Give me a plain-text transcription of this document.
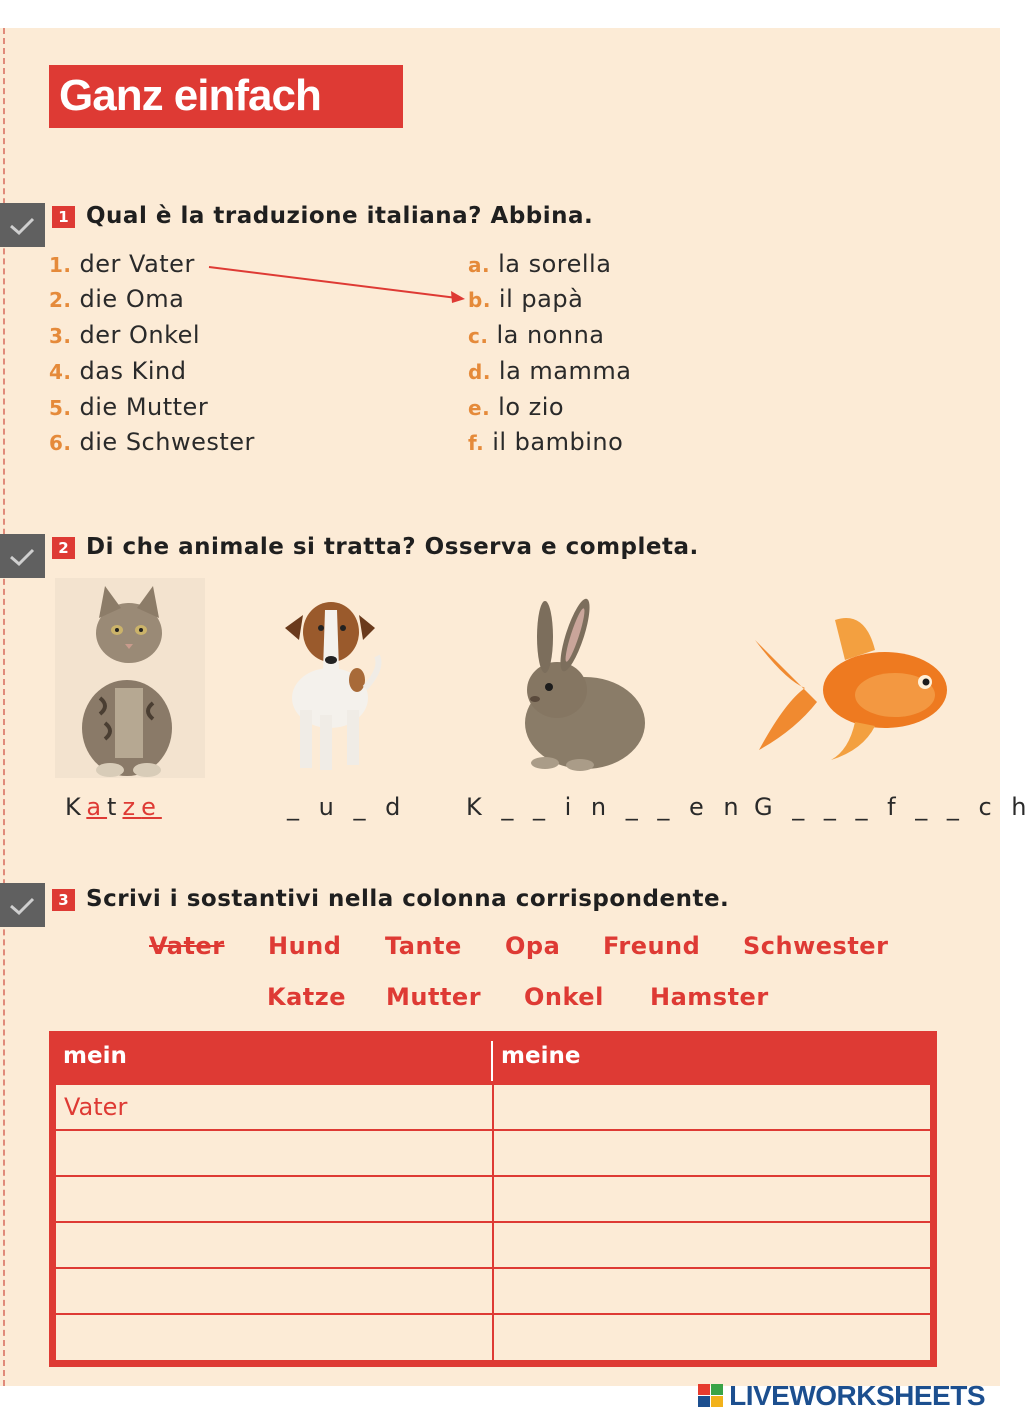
Ganz einfach
1 Qual è la traduzione italiana? Abbina.
1. der Vater
2. die Oma
3. der Onkel
4. das Kind
5. die Mutter
6. die Schwester
a. la sorella
b. il papà
c. la nonna
d. la mamma
e. lo zio
f. il bambino
2 Di che animale si tratta? Osserva e completa.
Katze	_ u _ d K _ _ i n _ _ e n G _ _ _ f _ _ c h
3 Scrivi i sostantivi nella colonna corrispondente.
Vater Hund Tante Opa Freund Schwester
Katze Mutter Onkel Hamster
mein	meine
Vater
LIVEWORKSHEETS
